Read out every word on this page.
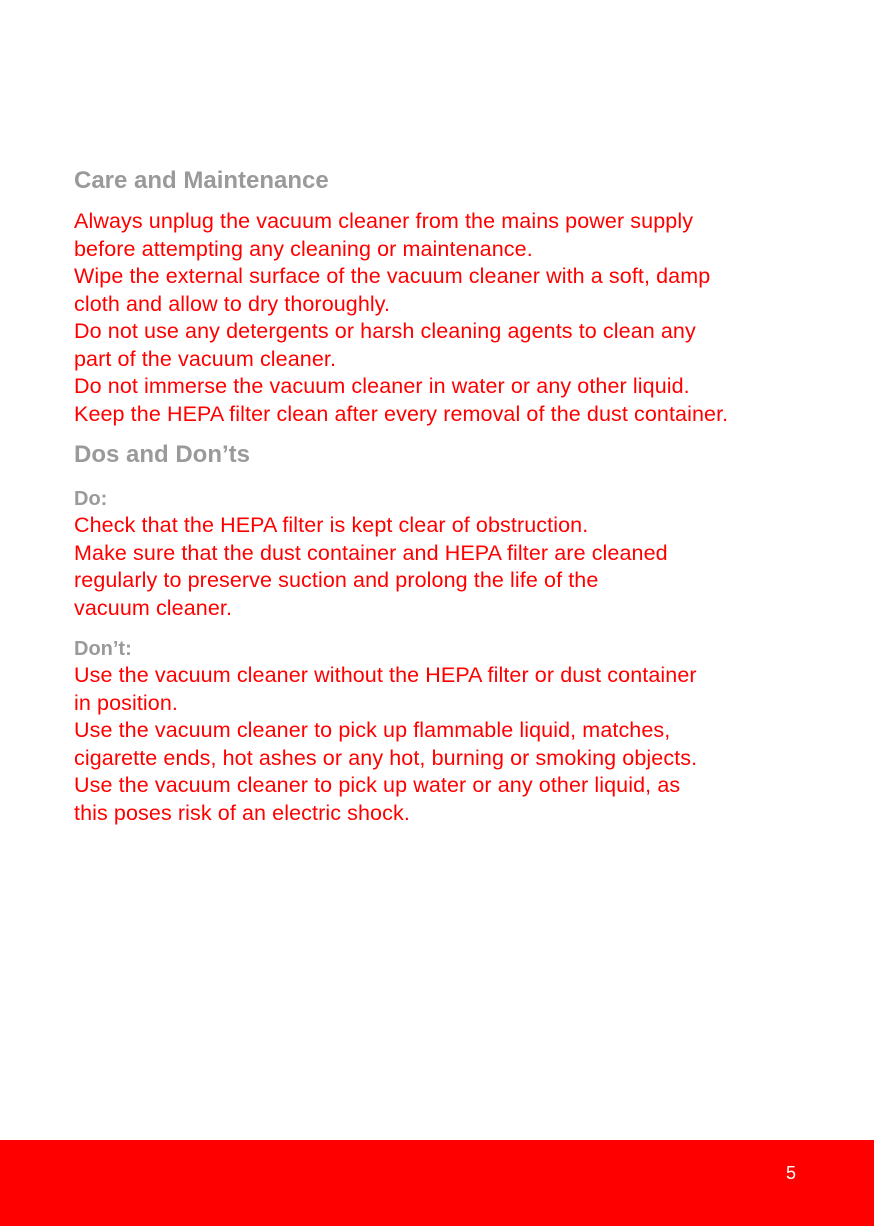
Care and Maintenance

Always unplug the vacuum cleaner from the mains power supply

before attempting any cleaning or maintenance.

Wipe the external surface of the vacuum cleaner with a soft, damp

cloth and allow to dry thoroughly.

Do not use any detergents or harsh cleaning agents to clean any

part of the vacuum cleaner.

Do not immerse the vacuum cleaner in water or any other liquid.

Keep the HEPA filter clean after every removal of the dust container.

Dos and Don’ts
Do:

Check that the HEPA filter is kept clear of obstruction.

Make sure that the dust container and HEPA filter are cleaned

regularly to preserve suction and prolong the life of the

vacuum cleaner.

Don’t:

Use the vacuum cleaner without the HEPA filter or dust container

in position.

Use the vacuum cleaner to pick up flammable liquid, matches,

cigarette ends, hot ashes or any hot, burning or smoking objects.

Use the vacuum cleaner to pick up water or any other liquid, as

this poses risk of an electric shock.

5
